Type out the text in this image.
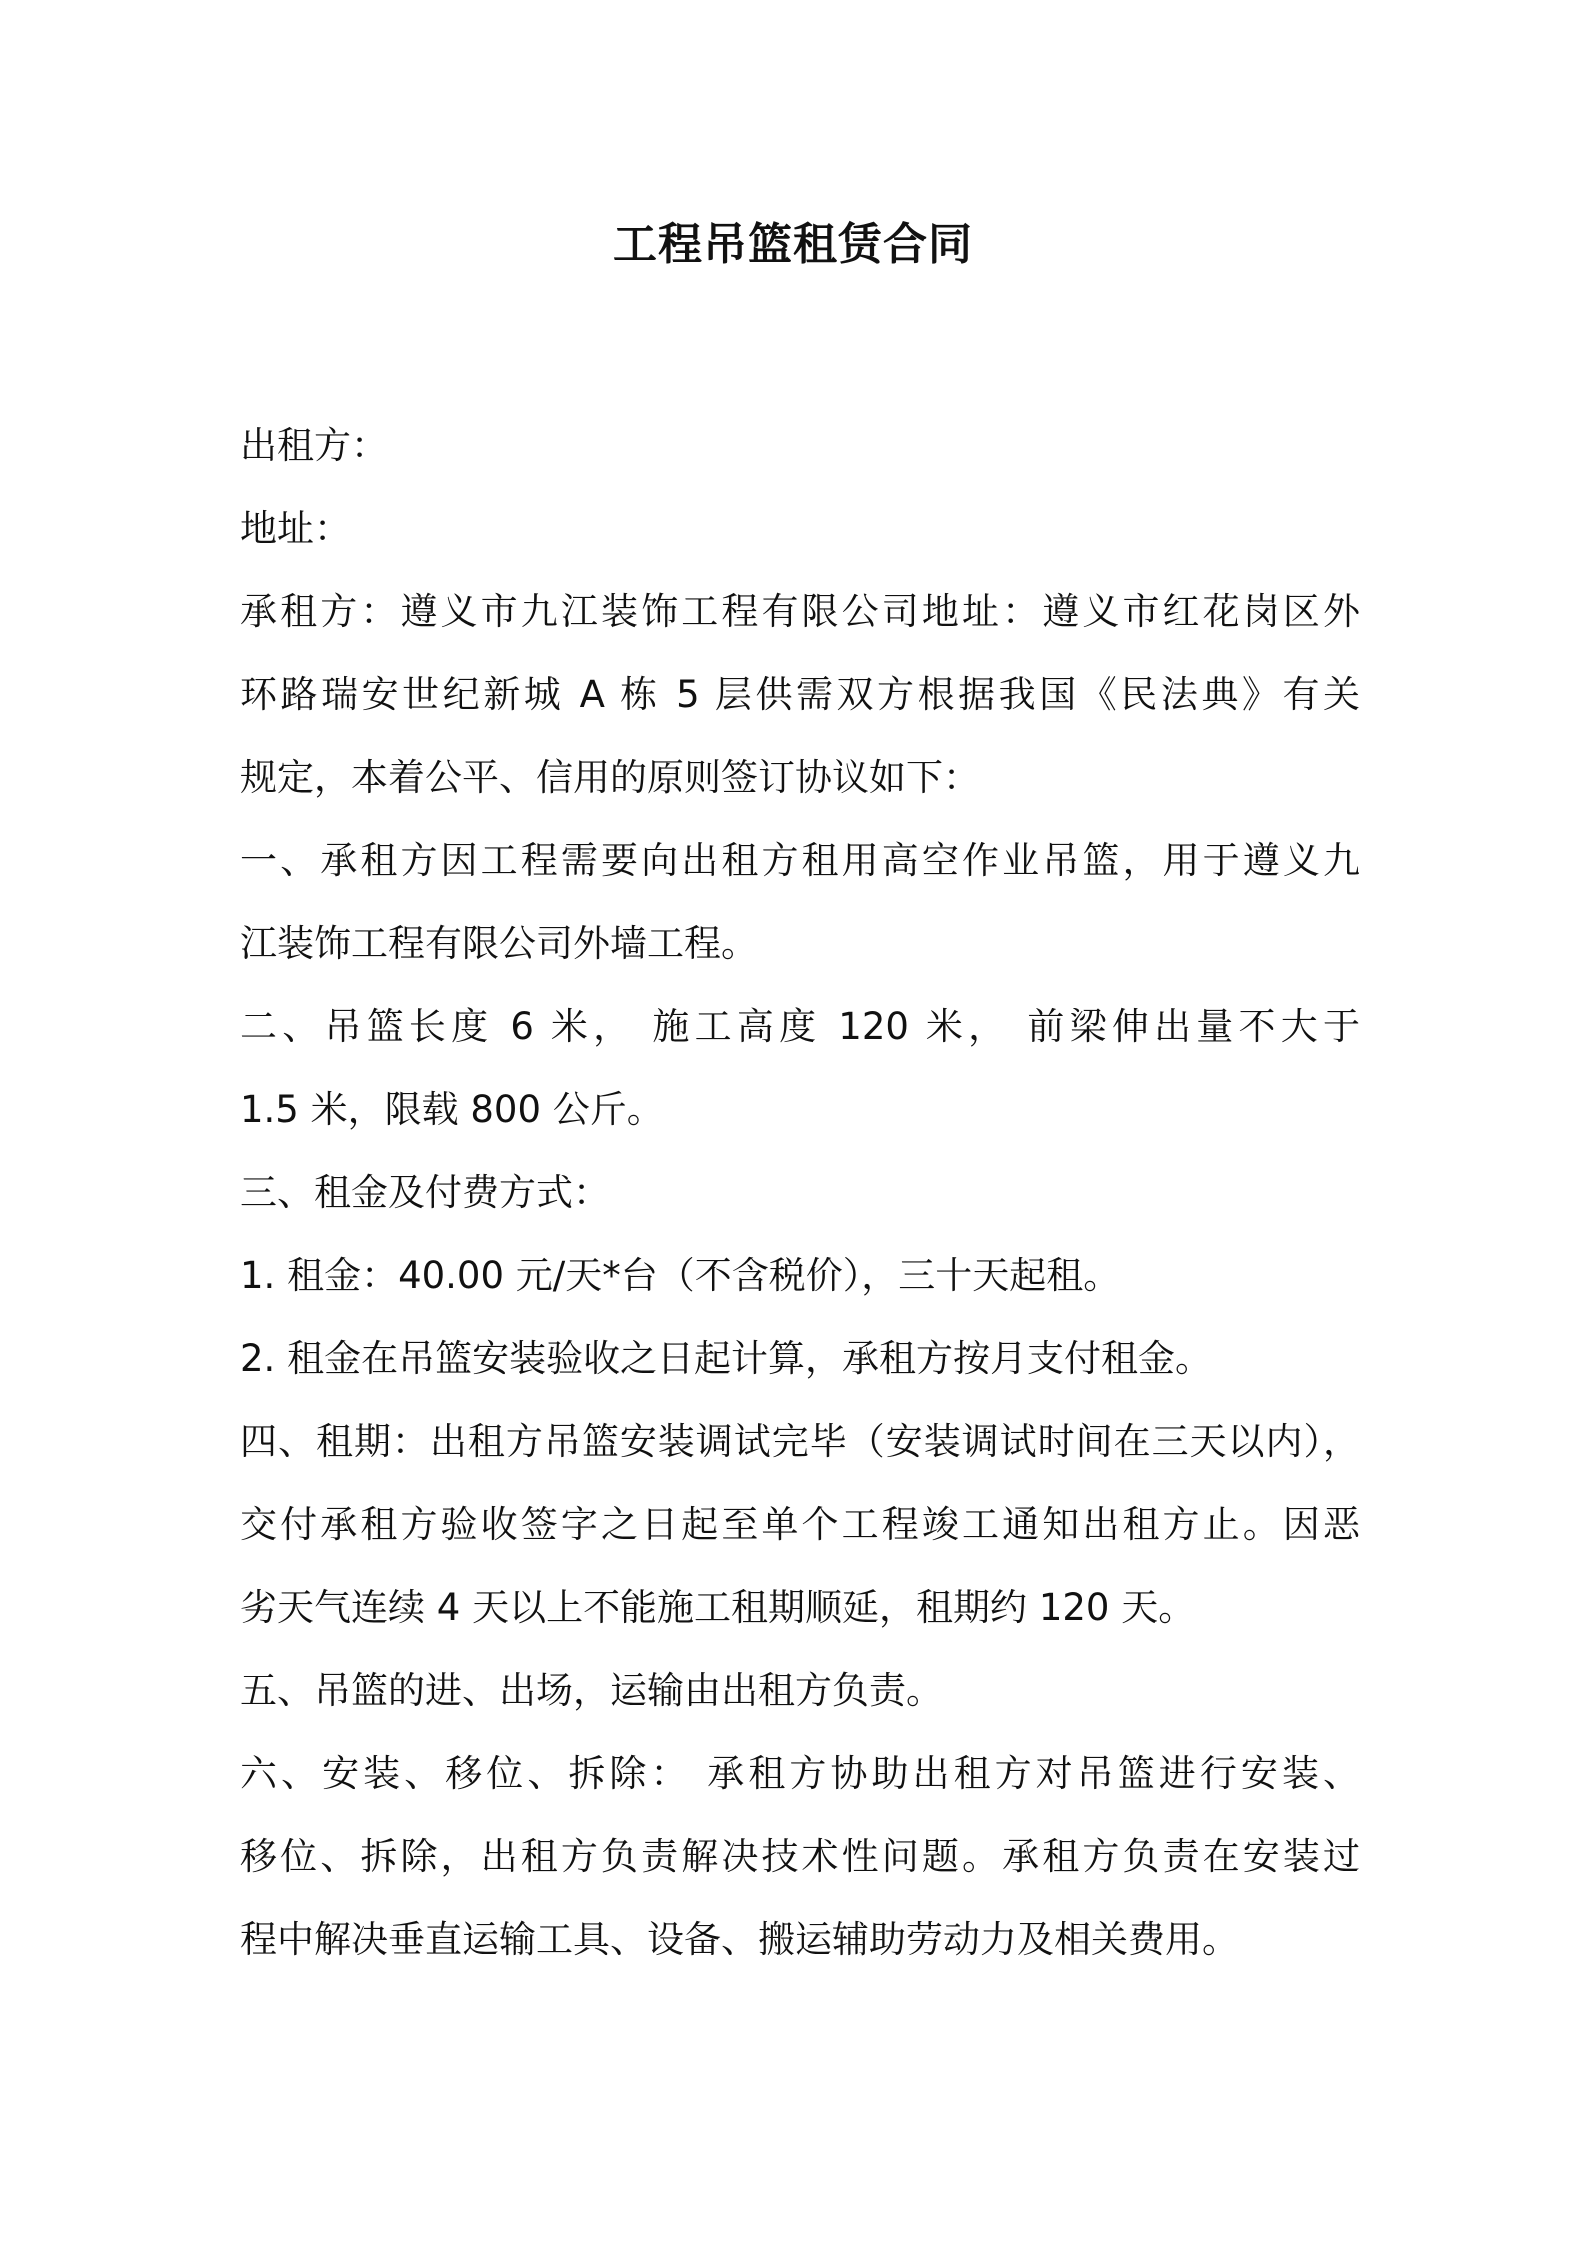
工程吊篮租赁合同
出租方：
地址：
承租方：遵义市九江装饰工程有限公司地址：遵义市红花岗区外
环路瑞安世纪新城 A 栋 5 层供需双方根据我国《民法典》有关
规定，本着公平、信用的原则签订协议如下：
一、承租方因工程需要向出租方租用高空作业吊篮，用于遵义九
江装饰工程有限公司外墙工程。
二、吊篮长度 6 米， 施工高度 120 米， 前梁伸出量不大于
1.5 米，限载 800 公斤。
三、租金及付费方式：
1. 租金：40.00 元/天*台（不含税价），三十天起租。
2. 租金在吊篮安装验收之日起计算，承租方按月支付租金。
四、租期：出租方吊篮安装调试完毕（安装调试时间在三天以内），
交付承租方验收签字之日起至单个工程竣工通知出租方止。因恶
劣天气连续 4 天以上不能施工租期顺延，租期约 120 天。
五、吊篮的进、出场，运输由出租方负责。
六、安装、移位、拆除： 承租方协助出租方对吊篮进行安装、
移位、拆除，出租方负责解决技术性问题。承租方负责在安装过
程中解决垂直运输工具、设备、搬运辅助劳动力及相关费用。
